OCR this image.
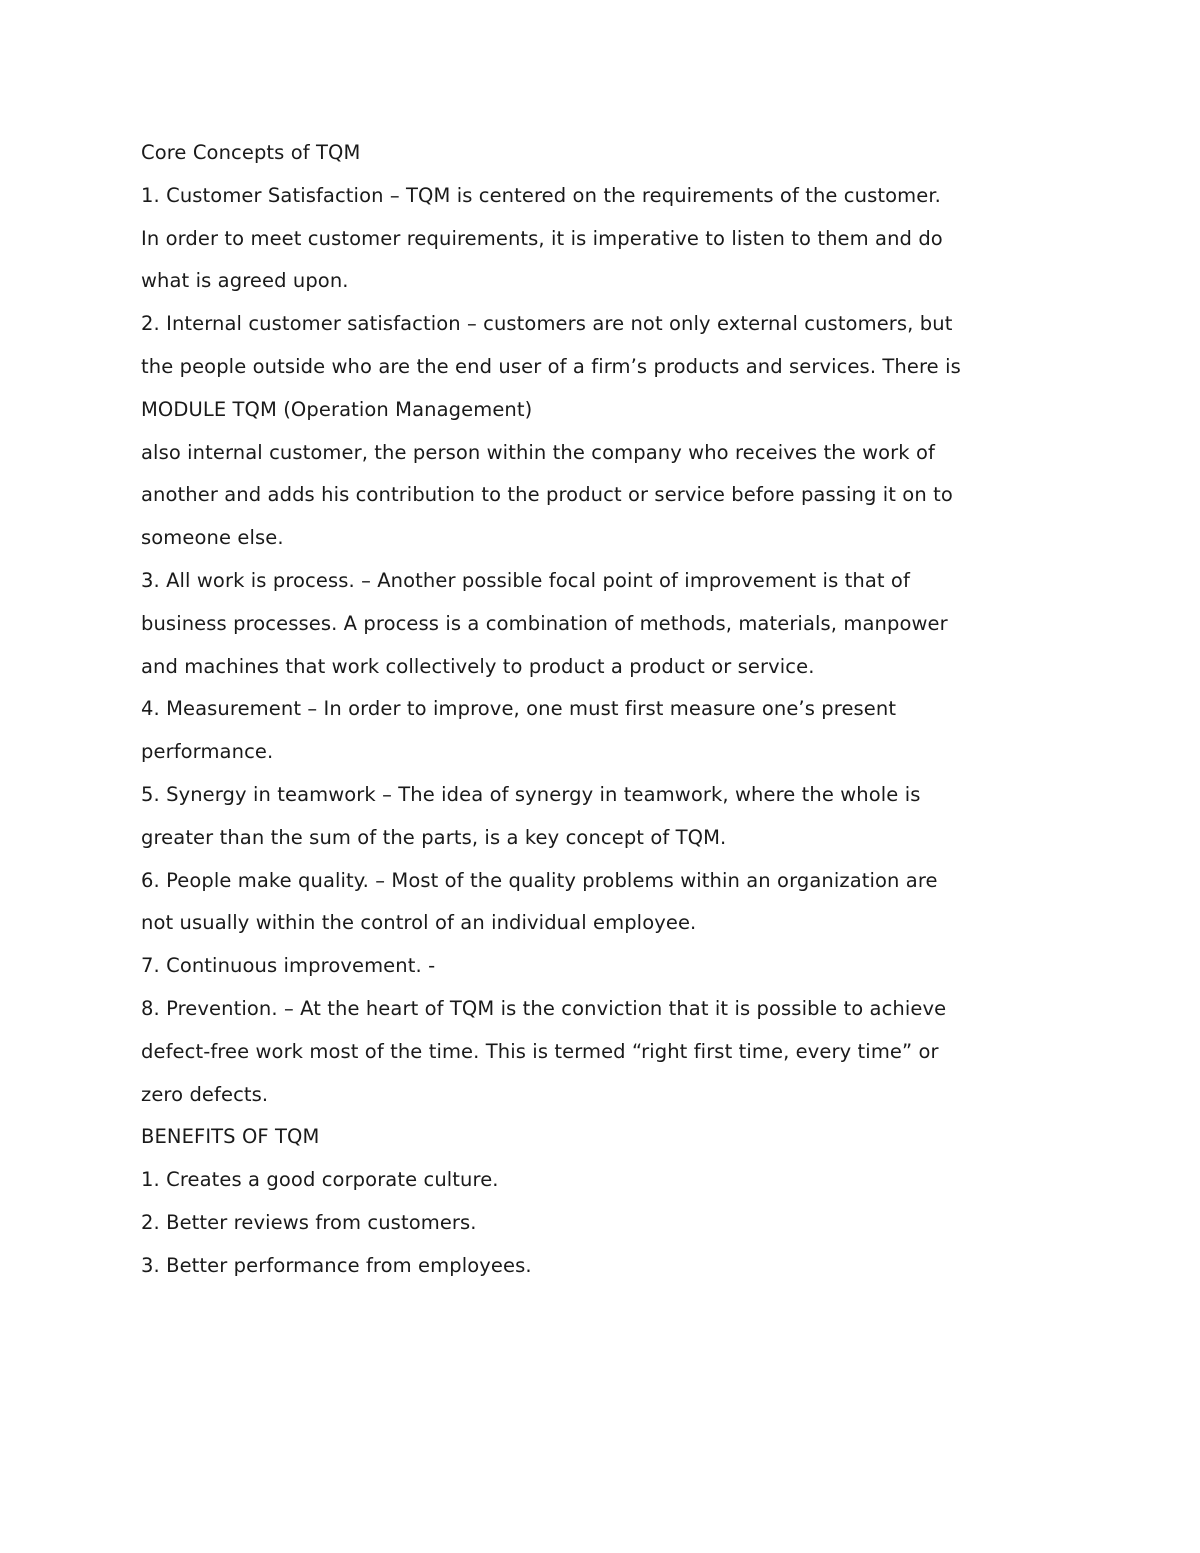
Core Concepts of TQM
1. Customer Satisfaction – TQM is centered on the requirements of the customer.
In order to meet customer requirements, it is imperative to listen to them and do
what is agreed upon.
2. Internal customer satisfaction – customers are not only external customers, but
the people outside who are the end user of a firm’s products and services. There is
MODULE TQM (Operation Management)
also internal customer, the person within the company who receives the work of
another and adds his contribution to the product or service before passing it on to
someone else.
3. All work is process. – Another possible focal point of improvement is that of
business processes. A process is a combination of methods, materials, manpower
and machines that work collectively to product a product or service.
4. Measurement – In order to improve, one must first measure one’s present
performance.
5. Synergy in teamwork – The idea of synergy in teamwork, where the whole is
greater than the sum of the parts, is a key concept of TQM.
6. People make quality. – Most of the quality problems within an organization are
not usually within the control of an individual employee.
7. Continuous improvement. -
8. Prevention. – At the heart of TQM is the conviction that it is possible to achieve
defect-free work most of the time. This is termed “right first time, every time” or
zero defects.
BENEFITS OF TQM
1. Creates a good corporate culture.
2. Better reviews from customers.
3. Better performance from employees.
